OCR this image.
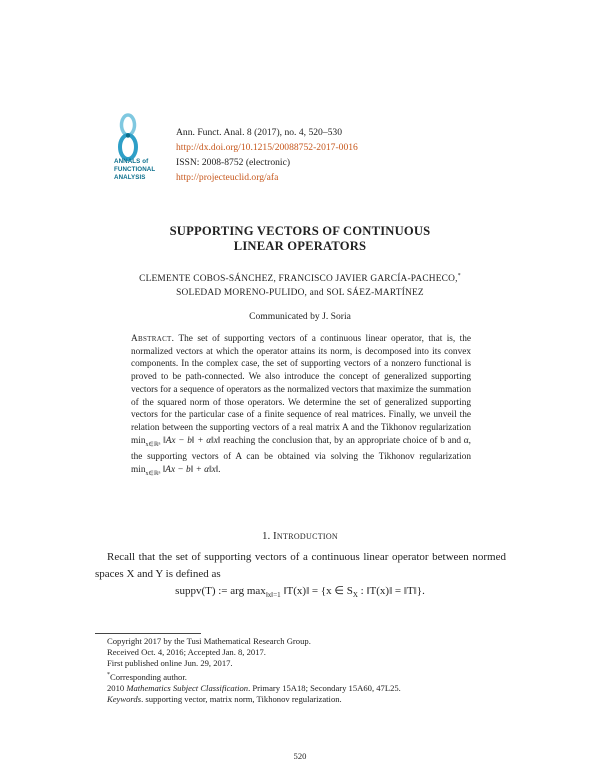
ANNALS of
FUNCTIONAL
ANALYSIS
Ann. Funct. Anal. 8 (2017), no. 4, 520–530
http://dx.doi.org/10.1215/20088752-2017-0016
ISSN: 2008-8752 (electronic)
http://projecteuclid.org/afa
SUPPORTING VECTORS OF CONTINUOUS
LINEAR OPERATORS
CLEMENTE COBOS-SÁNCHEZ, FRANCISCO JAVIER GARCÍA-PACHECO,*
SOLEDAD MORENO-PULIDO, and SOL SÁEZ-MARTÍNEZ
Communicated by J. Soria
Abstract. The set of supporting vectors of a continuous linear operator, that is, the normalized vectors at which the operator attains its norm, is decomposed into its convex components. In the complex case, the set of supporting vectors of a nonzero functional is proved to be path-connected. We also introduce the concept of generalized supporting vectors for a sequence of operators as the normalized vectors that maximize the summation of the squared norm of those operators. We determine the set of generalized supporting vectors for the particular case of a finite sequence of real matrices. Finally, we unveil the relation between the supporting vectors of a real matrix A and the Tikhonov regularization $\min_{x\in ℝ^n}$ ‖Ax − b‖ + α‖x‖ reaching the conclusion that, by an appropriate choice of b and α, the supporting vectors of A can be obtained via solving the Tikhonov regularization $\min_{x\in ℝ^n}$ ‖Ax − b‖ + α‖x‖.
1. Introduction
Recall that the set of supporting vectors of a continuous linear operator between normed spaces X and Y is defined as
suppv(T) := arg $\max_{‖x‖=1}$ ‖T(x)‖ = {x ∈ $S_X$ : ‖T(x)‖ = ‖T‖}.
Copyright 2017 by the Tusi Mathematical Research Group.
Received Oct. 4, 2016; Accepted Jan. 8, 2017.
First published online Jun. 29, 2017.
*Corresponding author.
2010 Mathematics Subject Classification. Primary 15A18; Secondary 15A60, 47L25.
Keywords. supporting vector, matrix norm, Tikhonov regularization.
520
